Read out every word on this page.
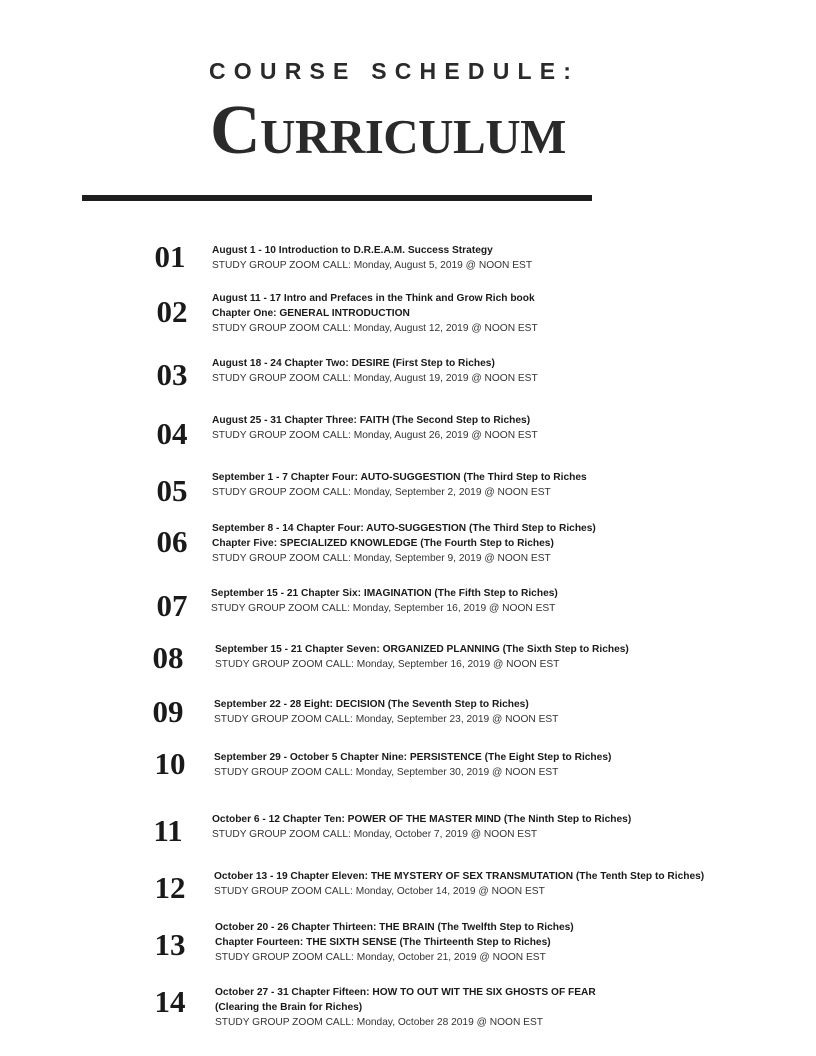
COURSE SCHEDULE:
Curriculum
01	August 1 - 10 Introduction to D.R.E.A.M. Success Strategy
STUDY GROUP ZOOM CALL: Monday, August 5, 2019 @ NOON EST
02	August 11 - 17 Intro and Prefaces in the Think and Grow Rich book
Chapter One: GENERAL INTRODUCTION
STUDY GROUP ZOOM CALL: Monday, August 12, 2019 @ NOON EST
03	August 18 - 24 Chapter Two: DESIRE (First Step to Riches)
STUDY GROUP ZOOM CALL: Monday, August 19, 2019 @ NOON EST
04	August 25 - 31 Chapter Three: FAITH (The Second Step to Riches)
STUDY GROUP ZOOM CALL: Monday, August 26, 2019 @ NOON EST
05	September 1 - 7 Chapter Four: AUTO-SUGGESTION (The Third Step to Riches
STUDY GROUP ZOOM CALL: Monday, September 2, 2019 @ NOON EST
06	September 8 - 14 Chapter Four: AUTO-SUGGESTION (The Third Step to Riches)
Chapter Five: SPECIALIZED KNOWLEDGE (The Fourth Step to Riches)
STUDY GROUP ZOOM CALL: Monday, September 9, 2019 @ NOON EST
07	September 15 - 21 Chapter Six: IMAGINATION (The Fifth Step to Riches)
STUDY GROUP ZOOM CALL: Monday, September 16, 2019 @ NOON EST
08	September 15 - 21 Chapter Seven: ORGANIZED PLANNING (The Sixth Step to Riches)
STUDY GROUP ZOOM CALL: Monday, September 16, 2019 @ NOON EST
09	September 22 - 28 Eight: DECISION (The Seventh Step to Riches)
STUDY GROUP ZOOM CALL: Monday, September 23, 2019 @ NOON EST
10	September 29 - October 5 Chapter Nine: PERSISTENCE (The Eight Step to Riches)
STUDY GROUP ZOOM CALL: Monday, September 30, 2019 @ NOON EST
11	October 6 - 12 Chapter Ten: POWER OF THE MASTER MIND (The Ninth Step to Riches)
STUDY GROUP ZOOM CALL: Monday, October 7, 2019 @ NOON EST
12	October 13 - 19 Chapter Eleven: THE MYSTERY OF SEX TRANSMUTATION (The Tenth Step to Riches)
STUDY GROUP ZOOM CALL: Monday, October 14, 2019 @ NOON EST
13	October 20 - 26 Chapter Thirteen: THE BRAIN (The Twelfth Step to Riches)
Chapter Fourteen: THE SIXTH SENSE (The Thirteenth Step to Riches)
STUDY GROUP ZOOM CALL: Monday, October 21, 2019 @ NOON EST
14	October 27 - 31 Chapter Fifteen: HOW TO OUT WIT THE SIX GHOSTS OF FEAR
(Clearing the Brain for Riches)
STUDY GROUP ZOOM CALL: Monday, October 28 2019 @ NOON EST
